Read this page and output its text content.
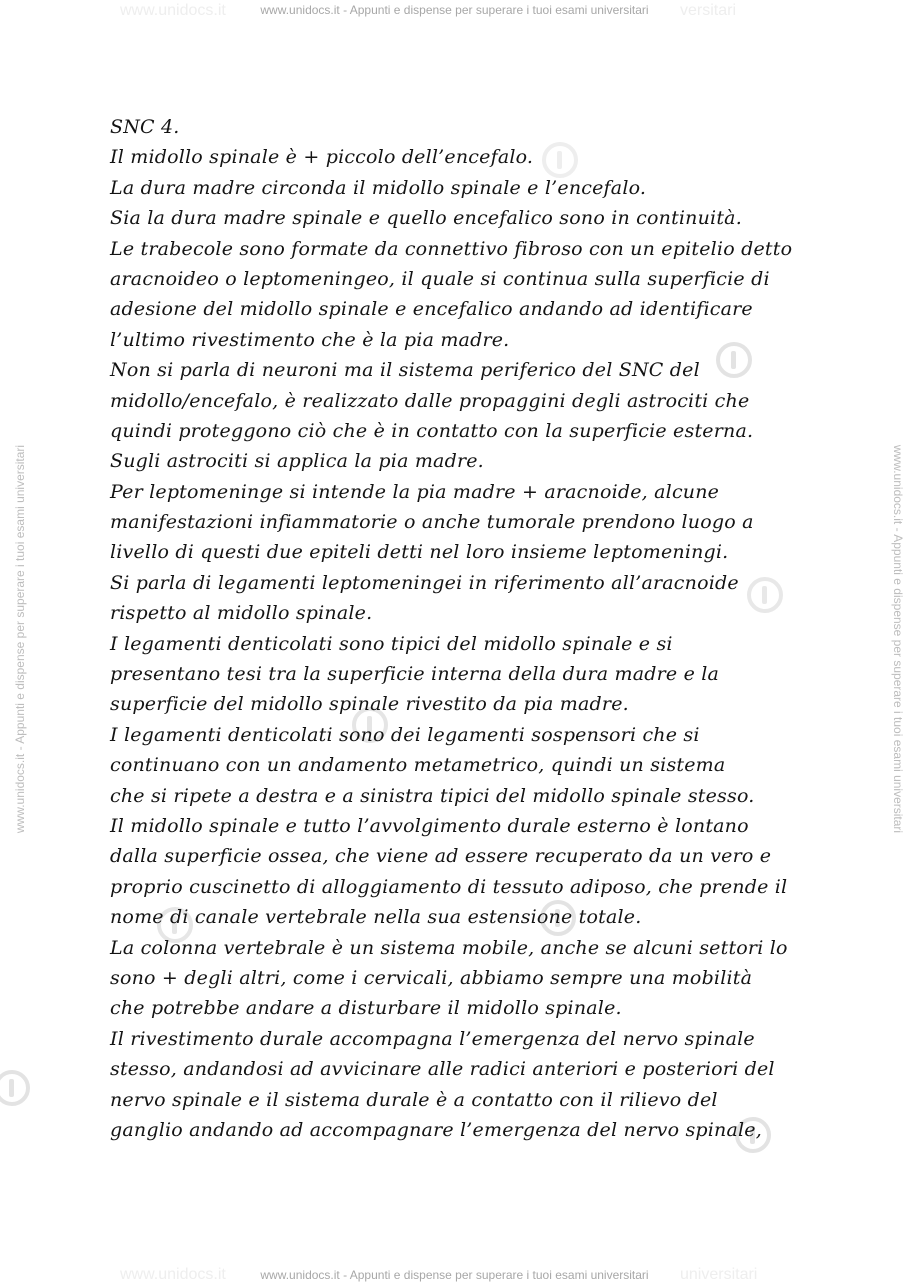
www.unidocs.it	versitari
www.unidocs.it	universitari
www.unidocs.it - Appunti e dispense per superare i tuoi esami universitari
www.unidocs.it - Appunti e dispense per superare i tuoi esami universitari
www.unidocs.it - Appunti e dispense per superare i tuoi esami universitari	www.unidocs.it - Appunti e dispense per superare i tuoi esami universitari
SNC 4.
Il midollo spinale è + piccolo dell’encefalo.
La dura madre circonda il midollo spinale e l’encefalo.
Sia la dura madre spinale e quello encefalico sono in continuità.
Le trabecole sono formate da connettivo fibroso con un epitelio detto
aracnoideo o leptomeningeo, il quale si continua sulla superficie di
adesione del midollo spinale e encefalico andando ad identificare
l’ultimo rivestimento che è la pia madre.
Non si parla di neuroni ma il sistema periferico del SNC del
midollo/encefalo, è realizzato dalle propaggini degli astrociti che
quindi proteggono ciò che è in contatto con la superficie esterna.
Sugli astrociti si applica la pia madre.
Per leptomeninge si intende la pia madre + aracnoide, alcune
manifestazioni infiammatorie o anche tumorale prendono luogo a
livello di questi due epiteli detti nel loro insieme leptomeningi.
Si parla di legamenti leptomeningei in riferimento all’aracnoide
rispetto al midollo spinale.
I legamenti denticolati sono tipici del midollo spinale e si
presentano tesi tra la superficie interna della dura madre e la
superficie del midollo spinale rivestito da pia madre.
I legamenti denticolati sono dei legamenti sospensori che si
continuano con un andamento metametrico, quindi un sistema
che si ripete a destra e a sinistra tipici del midollo spinale stesso.
Il midollo spinale e tutto l’avvolgimento durale esterno è lontano
dalla superficie ossea, che viene ad essere recuperato da un vero e
proprio cuscinetto di alloggiamento di tessuto adiposo, che prende il
nome di canale vertebrale nella sua estensione totale.
La colonna vertebrale è un sistema mobile, anche se alcuni settori lo
sono + degli altri, come i cervicali, abbiamo sempre una mobilità
che potrebbe andare a disturbare il midollo spinale.
Il rivestimento durale accompagna l’emergenza del nervo spinale
stesso, andandosi ad avvicinare alle radici anteriori e posteriori del
nervo spinale e il sistema durale è a contatto con il rilievo del
ganglio andando ad accompagnare l’emergenza del nervo spinale,
